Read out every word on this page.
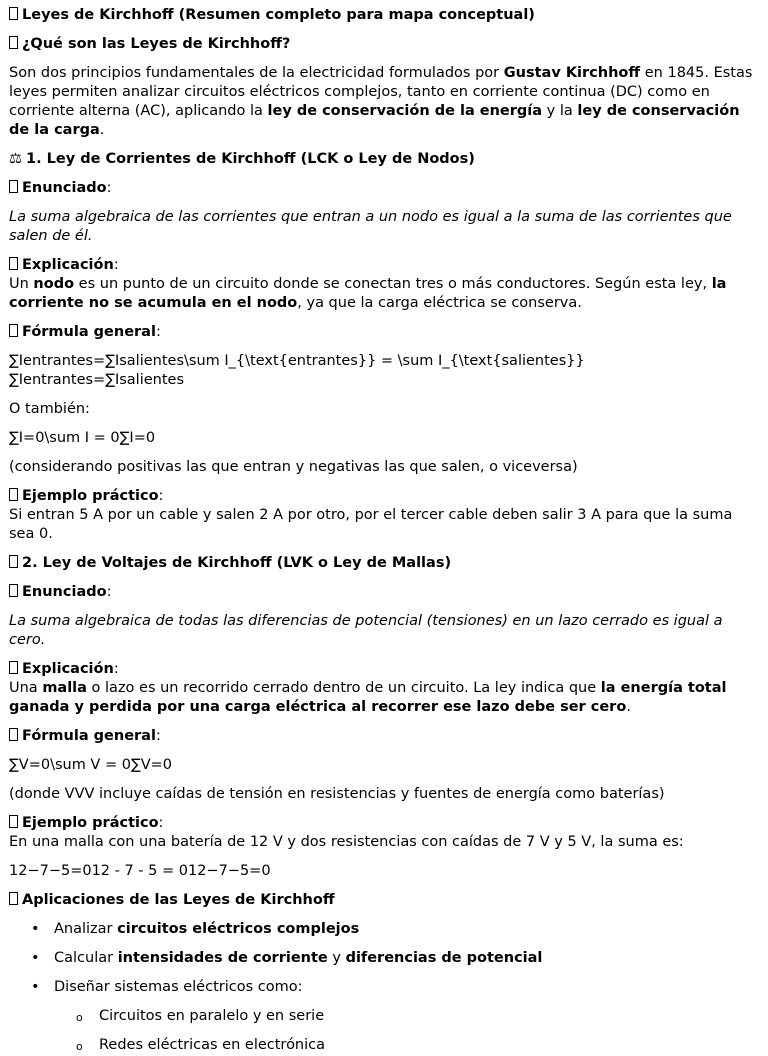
Leyes de Kirchhoff (Resumen completo para mapa conceptual)

¿Qué son las Leyes de Kirchhoff?

Son dos principios fundamentales de la electricidad formulados por Gustav Kirchhoff en 1845. Estas leyes permiten analizar circuitos eléctricos complejos, tanto en corriente continua (DC) como en corriente alterna (AC), aplicando la ley de conservación de la energía y la ley de conservación de la carga.

⚖ 1. Ley de Corrientes de Kirchhoff (LCK o Ley de Nodos)

Enunciado:

La suma algebraica de las corrientes que entran a un nodo es igual a la suma de las corrientes que salen de él.

Explicación:
Un nodo es un punto de un circuito donde se conectan tres o más conductores. Según esta ley, la corriente no se acumula en el nodo, ya que la carga eléctrica se conserva.

Fórmula general:

∑Ientrantes=∑Isalientes\sum I_{\text{entrantes}} = \sum I_{\text{salientes}}∑Ientrantes=∑Isalientes

O también:

∑I=0\sum I = 0∑I=0

(considerando positivas las que entran y negativas las que salen, o viceversa)

Ejemplo práctico:
Si entran 5 A por un cable y salen 2 A por otro, por el tercer cable deben salir 3 A para que la suma sea 0.

2. Ley de Voltajes de Kirchhoff (LVK o Ley de Mallas)

Enunciado:

La suma algebraica de todas las diferencias de potencial (tensiones) en un lazo cerrado es igual a cero.

Explicación:
Una malla o lazo es un recorrido cerrado dentro de un circuito. La ley indica que la energía total ganada y perdida por una carga eléctrica al recorrer ese lazo debe ser cero.

Fórmula general:

∑V=0\sum V = 0∑V=0

(donde VVV incluye caídas de tensión en resistencias y fuentes de energía como baterías)

Ejemplo práctico:
En una malla con una batería de 12 V y dos resistencias con caídas de 7 V y 5 V, la suma es:

12−7−5=012 - 7 - 5 = 012−7−5=0

Aplicaciones de las Leyes de Kirchhoff

• Analizar circuitos eléctricos complejos
• Calcular intensidades de corriente y diferencias de potencial
• Diseñar sistemas eléctricos como:
o Circuitos en paralelo y en serie
o Redes eléctricas en electrónica
